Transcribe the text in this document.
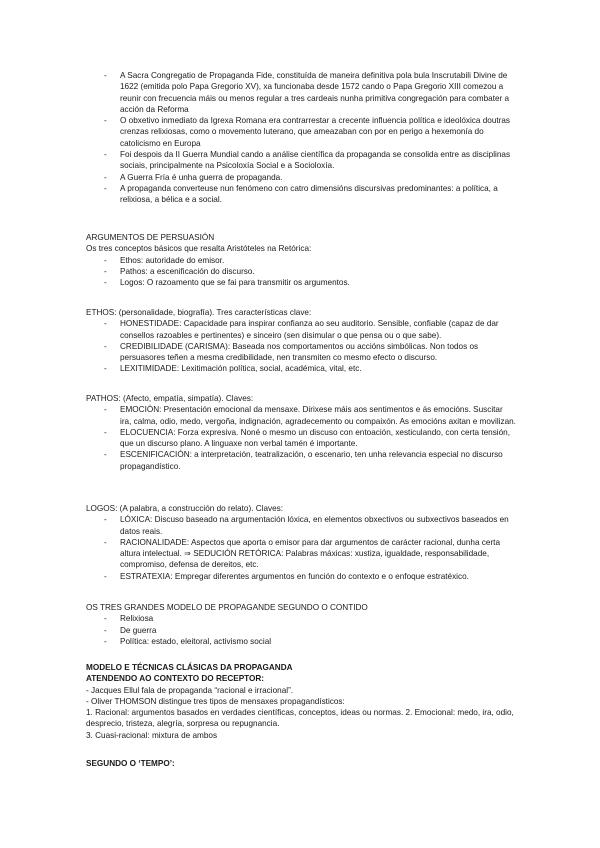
- A Sacra Congregatio de Propaganda Fide, constituída de maneira definitiva pola bula Inscrutabili Divine de 1622 (emitida polo Papa Gregorio XV), xa funcionaba desde 1572 cando o Papa Gregorio XIII comezou a reunir con frecuencia máis ou menos regular a tres cardeais nunha primitiva congregación para combater a acción da Reforma
- O obxetivo inmediato da Igrexa Romana era contrarrestar a crecente influencia política e ideolóxica doutras crenzas relixiosas, como o movemento luterano, que ameazaban con por en perigo a hexemonía do catolicismo en Europa
- Foi despois da II Guerra Mundial cando a análise científica da propaganda se consolida entre as disciplinas sociais, principalmente na Psicoloxía Social e a Socioloxía.
- A Guerra Fría é unha guerra de propaganda.
- A propaganda converteuse nun fenómeno con catro dimensións discursivas predominantes: a política, a relixiosa, a bélica e a social.

ARGUMENTOS DE PERSUASIÓN

Os tres conceptos básicos que resalta Aristóteles na Retórica:

- Ethos: autoridade do emisor.
- Pathos: a escenificación do discurso.
- Logos: O razoamento que se fai para transmitir os argumentos.

ETHOS: (personalidade, biografía). Tres características clave:

- HONESTIDADE: Capacidade para inspirar confianza ao seu auditorio. Sensible, confiable (capaz de dar consellos razoables e pertinentes) e sinceiro (sen disimular o que pensa ou o que sabe).
- CREDIBILIDADE (CARISMA): Baseada nos comportamentos ou accións simbólicas. Non todos os persuasores teñen a mesma credibilidade, nen transmiten co mesmo efecto o discurso.
- LEXITIMIDADE: Lexitimación política, social, académica, vital, etc.

PATHOS: (Afecto, empatía, simpatía). Claves:

- EMOCIÓN: Presentación emocional da mensaxe. Dirixese máis aos sentimentos e ás emocións. Suscitar ira, calma, odio, medo, vergoña, indignación, agradecemento ou compaixón. As emocións axitan e movilizan.
- ELOCUENCIA: Forza expresiva. Noné o mesmo un discuso con entoación, xesticulando, con certa tensión, que un discurso plano. A linguaxe non verbal tamén é importante.
- ESCENIFICACIÓN: a interpretación, teatralización, o escenario, ten unha relevancia especial no discurso propagandístico.

LOGOS: (A palabra, a construcción do relato). Claves:

- LÓXICA: Discuso baseado na argumentación lóxica, en elementos obxectivos ou subxectivos baseados en datos reais.
- RACIONALIDADE: Aspectos que aporta o emisor para dar argumentos de carácter racional, dunha certa altura intelectual. ⇒ SEDUCIÓN RETÓRICA: Palabras máxicas: xustiza, igualdade, responsabilidade, compromiso, defensa de dereitos, etc.
- ESTRATEXIA: Empregar diferentes argumentos en función do contexto e o enfoque estratéxico.

OS TRES GRANDES MODELO DE PROPAGANDE SEGUNDO O CONTIDO

- Relixiosa
- De guerra
- Política: estado, eleitoral, activismo social

MODELO E TÉCNICAS CLÁSICAS DA PROPAGANDA

ATENDENDO AO CONTEXTO DO RECEPTOR:

- Jacques Ellul fala de propaganda “racional e irracional”.

- Oliver THOMSON distingue tres tipos de mensaxes propagandísticos:

1. Racional: argumentos basados en verdades científicas, conceptos, ideas ou normas. 2. Emocional: medo, ira, odio, desprecio, tristeza, alegría, sorpresa ou repugnancia.

3. Cuasi-racional: mixtura de ambos

SEGUNDO O ‘TEMPO’:
